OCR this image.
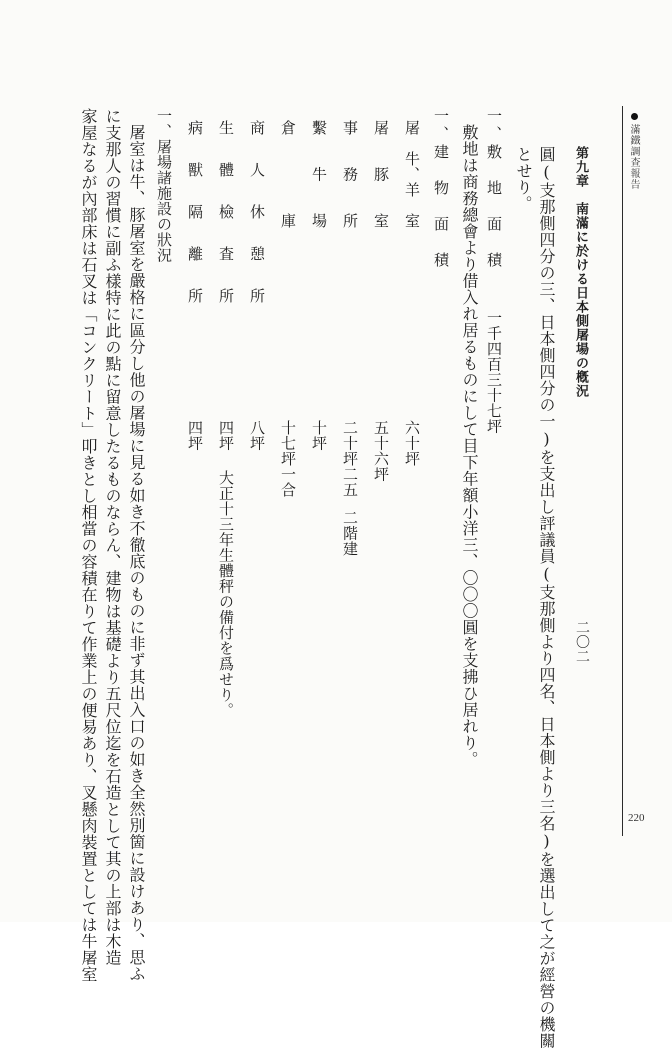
滿鐵調查報告
220
第九章　南滿に於ける日本側屠場の槪況
二〇二
圓(支那側四分の三、日本側四分の一)を支出し評議員(支那側より四名、日本側より三名)を選出して之が經營の機關
とせり。
一、敷　地　面　積
一千四百三十七坪
敷地は商務總會より借入れ居るものにして目下年額小洋三、〇〇〇圓を支拂ひ居れり。
一、建　物　面　積
屠　牛、羊　室
六十坪
屠　　豚　　室
五十六坪
事　　務　　所
二十坪二五
二階建
繫　　牛　　場
十坪
倉　　　　　庫
十七坪一合
商　人　休　憩　所
八坪
生　體　檢　査　所
四坪
大正十三年生體秤の備付を爲せり。
病　獸　隔　離　所
四坪
一、屠場諸施設の狀況
屠室は牛、豚屠室を嚴格に區分し他の屠場に見る如き不徹底のものに非ず其出入口の如き全然別箇に設けあり、思ふ
に支那人の習慣に副ふ樣特に此の點に留意したるものならん、建物は基礎より五尺位迄を石造として其の上部は木造
家屋なるが內部床は石叉は「コンクリート」叩きとし相當の容積在りて作業上の便易あり、叉懸肉裝置としては牛屠室
